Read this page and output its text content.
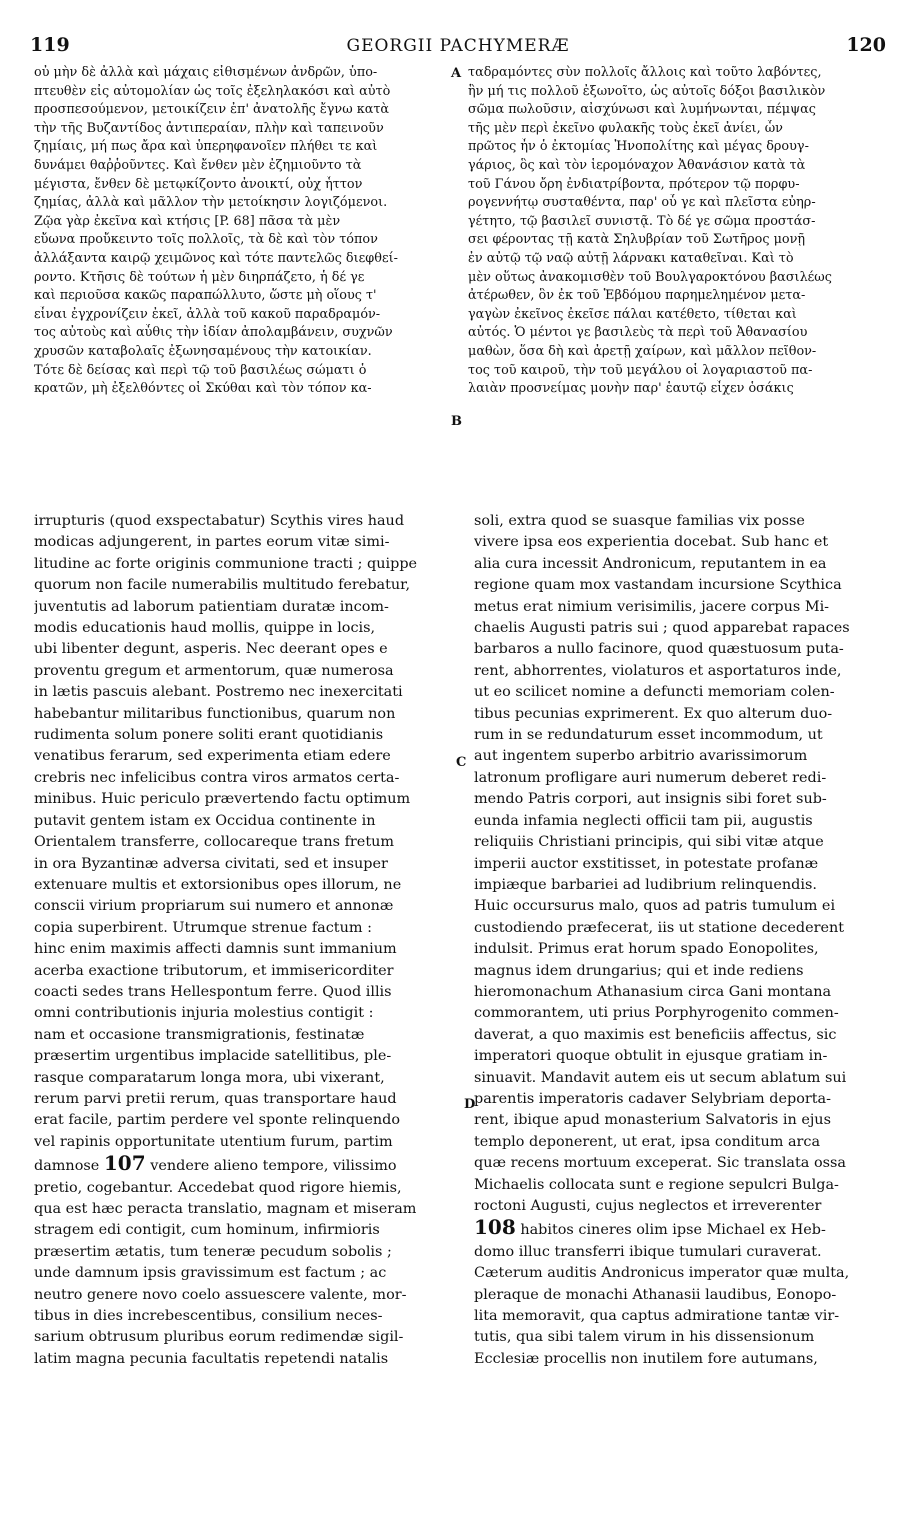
119	GEORGII PACHYMERÆ	120
A
B
C
D
οὐ μὴν δὲ ἀλλὰ καὶ μάχαις εἰθισμένων ἀνδρῶν, ὑπο-
πτευθὲν εἰς αὐτομολίαν ὡς τοῖς ἐξεληλακόσι καὶ αὐτὸ
προσπεσούμενον, μετοικίζειν ἐπ' ἀνατολῆς ἔγνω κατὰ
τὴν τῆς Βυζαντίδος ἀντιπεραίαν, πλὴν καὶ ταπεινοῦν
ζημίαις, μή πως ἄρα καὶ ὑπερηφανοῖεν πλήθει τε καὶ
δυνάμει θαῤῥοῦντες. Καὶ ἔνθεν μὲν ἐζημιοῦντο τὰ
μέγιστα, ἔνθεν δὲ μετῳκίζοντο ἀνοικτί, οὐχ ἧττον
ζημίας, ἀλλὰ καὶ μᾶλλον τὴν μετοίκησιν λογιζόμενοι.
Ζῷα γὰρ ἐκεῖνα καὶ κτήσις [P. 68] πᾶσα τὰ μὲν
εὔωνα προὔκειντο τοῖς πολλοῖς, τὰ δὲ καὶ τὸν τόπον
ἀλλάξαντα καιρῷ χειμῶνος καὶ τότε παντελῶς διεφθεί-
ροντο. Κτῆσις δὲ τούτων ἡ μὲν διηρπάζετο, ἡ δέ γε
καὶ περιοῦσα κακῶς παραπώλλυτο, ὥστε μὴ οἵους τ'
εἶναι ἐγχρονίζειν ἐκεῖ, ἀλλὰ τοῦ κακοῦ παραδραμόν-
τος αὐτοὺς καὶ αὖθις τὴν ἰδίαν ἀπολαμβάνειν, συχνῶν
χρυσῶν καταβολαῖς ἐξωνησαμένους τὴν κατοικίαν.
Τότε δὲ δείσας καὶ περὶ τῷ τοῦ βασιλέως σώματι ὁ
κρατῶν, μὴ ἐξελθόντες οἱ Σκύθαι καὶ τὸν τόπον κα-
ταδραμόντες σὺν πολλοῖς ἄλλοις καὶ τοῦτο λαβόντες,
ἣν μή τις πολλοῦ ἐξωνοῖτο, ὡς αὐτοῖς δόξοι βασιλικὸν
σῶμα πωλοῦσιν, αἰσχύνωσι καὶ λυμήνωνται, πέμψας
τῆς μὲν περὶ ἐκεῖνο φυλακῆς τοὺς ἐκεῖ ἀνίει, ὧν
πρῶτος ἦν ὁ ἐκτομίας Ἠνοπολίτης καὶ μέγας δρουγ-
γάριος, ὃς καὶ τὸν ἱερομόναχον Ἀθανάσιον κατὰ τὰ
τοῦ Γάνου ὄρη ἐνδιατρίβοντα, πρότερον τῷ πορφυ-
ρογεννήτῳ συσταθέντα, παρ' οὗ γε καὶ πλεῖστα εὐηρ-
γέτητο, τῷ βασιλεῖ συνιστᾷ. Τὸ δέ γε σῶμα προστάσ-
σει φέροντας τῇ κατὰ Σηλυβρίαν τοῦ Σωτῆρος μονῇ
ἐν αὐτῷ τῷ ναῷ αὐτῇ λάρνακι καταθεῖναι. Καὶ τὸ
μὲν οὕτως ἀνακομισθὲν τοῦ Βουλγαροκτόνου βασιλέως
ἀτέρωθεν, ὃν ἐκ τοῦ Ἑβδόμου παρημελημένον μετα-
γαγὼν ἐκεῖνος ἐκεῖσε πάλαι κατέθετο, τίθεται καὶ
αὐτός. Ὁ μέντοι γε βασιλεὺς τὰ περὶ τοῦ Ἀθανασίου
μαθὼν, ὅσα δὴ καὶ ἀρετῇ χαίρων, καὶ μᾶλλον πεῖθον-
τος τοῦ καιροῦ, τὴν τοῦ μεγάλου οἱ λογαριαστοῦ πα-
λαιὰν προσνείμας μονὴν παρ' ἑαυτῷ εἶχεν ὁσάκις
irrupturis (quod exspectabatur) Scythis vires haud
modicas adjungerent, in partes eorum vitæ simi-
litudine ac forte originis communione tracti ; quippe
quorum non facile numerabilis multitudo ferebatur,
juventutis ad laborum patientiam duratæ incom-
modis educationis haud mollis, quippe in locis,
ubi libenter degunt, asperis. Nec deerant opes e
proventu gregum et armentorum, quæ numerosa
in lætis pascuis alebant. Postremo nec inexercitati
habebantur militaribus functionibus, quarum non
rudimenta solum ponere soliti erant quotidianis
venatibus ferarum, sed experimenta etiam edere
crebris nec infelicibus contra viros armatos certa-
minibus. Huic periculo prævertendo factu optimum
putavit gentem istam ex Occidua continente in
Orientalem transferre, collocareque trans fretum
in ora Byzantinæ adversa civitati, sed et insuper
extenuare multis et extorsionibus opes illorum, ne
conscii virium propriarum sui numero et annonæ
copia superbirent. Utrumque strenue factum :
hinc enim maximis affecti damnis sunt immanium
acerba exactione tributorum, et immisericorditer
coacti sedes trans Hellespontum ferre. Quod illis
omni contributionis injuria molestius contigit :
nam et occasione transmigrationis, festinatæ
præsertim urgentibus implacide satellitibus, ple-
rasque comparatarum longa mora, ubi vixerant,
rerum parvi pretii rerum, quas transportare haud
erat facile, partim perdere vel sponte relinquendo
vel rapinis opportunitate utentium furum, partim
damnose 107 vendere alieno tempore, vilissimo
pretio, cogebantur. Accedebat quod rigore hiemis,
qua est hæc peracta translatio, magnam et miseram
stragem edi contigit, cum hominum, infirmioris
præsertim ætatis, tum teneræ pecudum sobolis ;
unde damnum ipsis gravissimum est factum ; ac
neutro genere novo coelo assuescere valente, mor-
tibus in dies increbescentibus, consilium neces-
sarium obtrusum pluribus eorum redimendæ sigil-
latim magna pecunia facultatis repetendi natalis
soli, extra quod se suasque familias vix posse
vivere ipsa eos experientia docebat. Sub hanc et
alia cura incessit Andronicum, reputantem in ea
regione quam mox vastandam incursione Scythica
metus erat nimium verisimilis, jacere corpus Mi-
chaelis Augusti patris sui ; quod apparebat rapaces
barbaros a nullo facinore, quod quæstuosum puta-
rent, abhorrentes, violaturos et asportaturos inde,
ut eo scilicet nomine a defuncti memoriam colen-
tibus pecunias exprimerent. Ex quo alterum duo-
rum in se redundaturum esset incommodum, ut
aut ingentem superbo arbitrio avarissimorum
latronum profligare auri numerum deberet redi-
mendo Patris corpori, aut insignis sibi foret sub-
eunda infamia neglecti officii tam pii, augustis
reliquiis Christiani principis, qui sibi vitæ atque
imperii auctor exstitisset, in potestate profanæ
impiæque barbariei ad ludibrium relinquendis.
Huic occursurus malo, quos ad patris tumulum ei
custodiendo præfecerat, iis ut statione decederent
indulsit. Primus erat horum spado Eonopolites,
magnus idem drungarius; qui et inde rediens
hieromonachum Athanasium circa Gani montana
commorantem, uti prius Porphyrogenito commen-
daverat, a quo maximis est beneficiis affectus, sic
imperatori quoque obtulit in ejusque gratiam in-
sinuavit. Mandavit autem eis ut secum ablatum sui
parentis imperatoris cadaver Selybriam deporta-
rent, ibique apud monasterium Salvatoris in ejus
templo deponerent, ut erat, ipsa conditum arca
quæ recens mortuum exceperat. Sic translata ossa
Michaelis collocata sunt e regione sepulcri Bulga-
roctoni Augusti, cujus neglectos et irreverenter
108 habitos cineres olim ipse Michael ex Heb-
domo illuc transferri ibique tumulari curaverat.
Cæterum auditis Andronicus imperator quæ multa,
pleraque de monachi Athanasii laudibus, Eonopo-
lita memoravit, qua captus admiratione tantæ vir-
tutis, qua sibi talem virum in his dissensionum
Ecclesiæ procellis non inutilem fore autumans,
